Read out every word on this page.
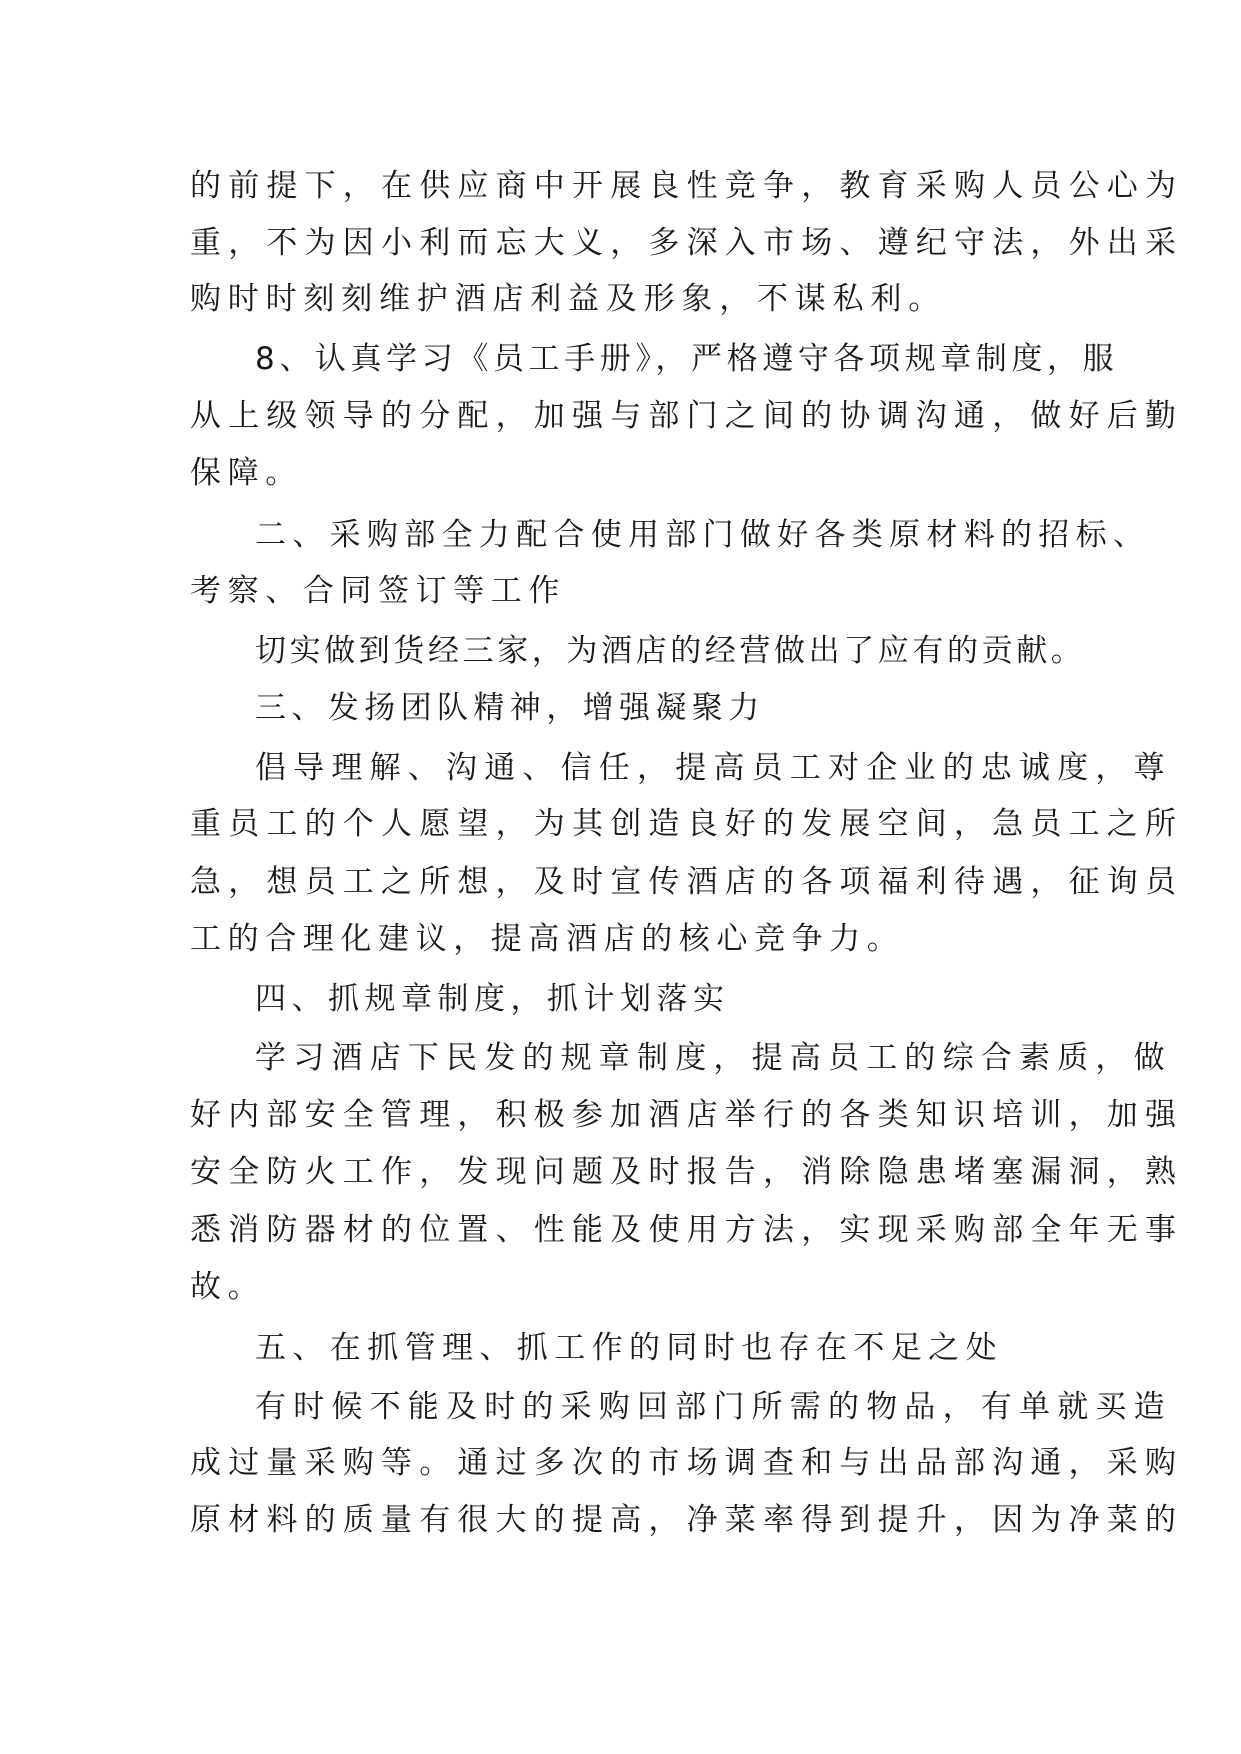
的前提下，在供应商中开展良性竞争，教育采购人员公心为
重，不为因小利而忘大义，多深入市场、遵纪守法，外出采
购时时刻刻维护酒店利益及形象，不谋私利。
8、认真学习《员工手册》，严格遵守各项规章制度，服
从上级领导的分配，加强与部门之间的协调沟通，做好后勤
保障。
二、采购部全力配合使用部门做好各类原材料的招标、
考察、合同签订等工作
切实做到货经三家，为酒店的经营做出了应有的贡献。
三、发扬团队精神，增强凝聚力
倡导理解、沟通、信任，提高员工对企业的忠诚度，尊
重员工的个人愿望，为其创造良好的发展空间，急员工之所
急，想员工之所想，及时宣传酒店的各项福利待遇，征询员
工的合理化建议，提高酒店的核心竞争力。
四、抓规章制度，抓计划落实
学习酒店下民发的规章制度，提高员工的综合素质，做
好内部安全管理，积极参加酒店举行的各类知识培训，加强
安全防火工作，发现问题及时报告，消除隐患堵塞漏洞，熟
悉消防器材的位置、性能及使用方法，实现采购部全年无事
故。
五、在抓管理、抓工作的同时也存在不足之处
有时候不能及时的采购回部门所需的物品，有单就买造
成过量采购等。通过多次的市场调查和与出品部沟通，采购
原材料的质量有很大的提高，净菜率得到提升，因为净菜的
